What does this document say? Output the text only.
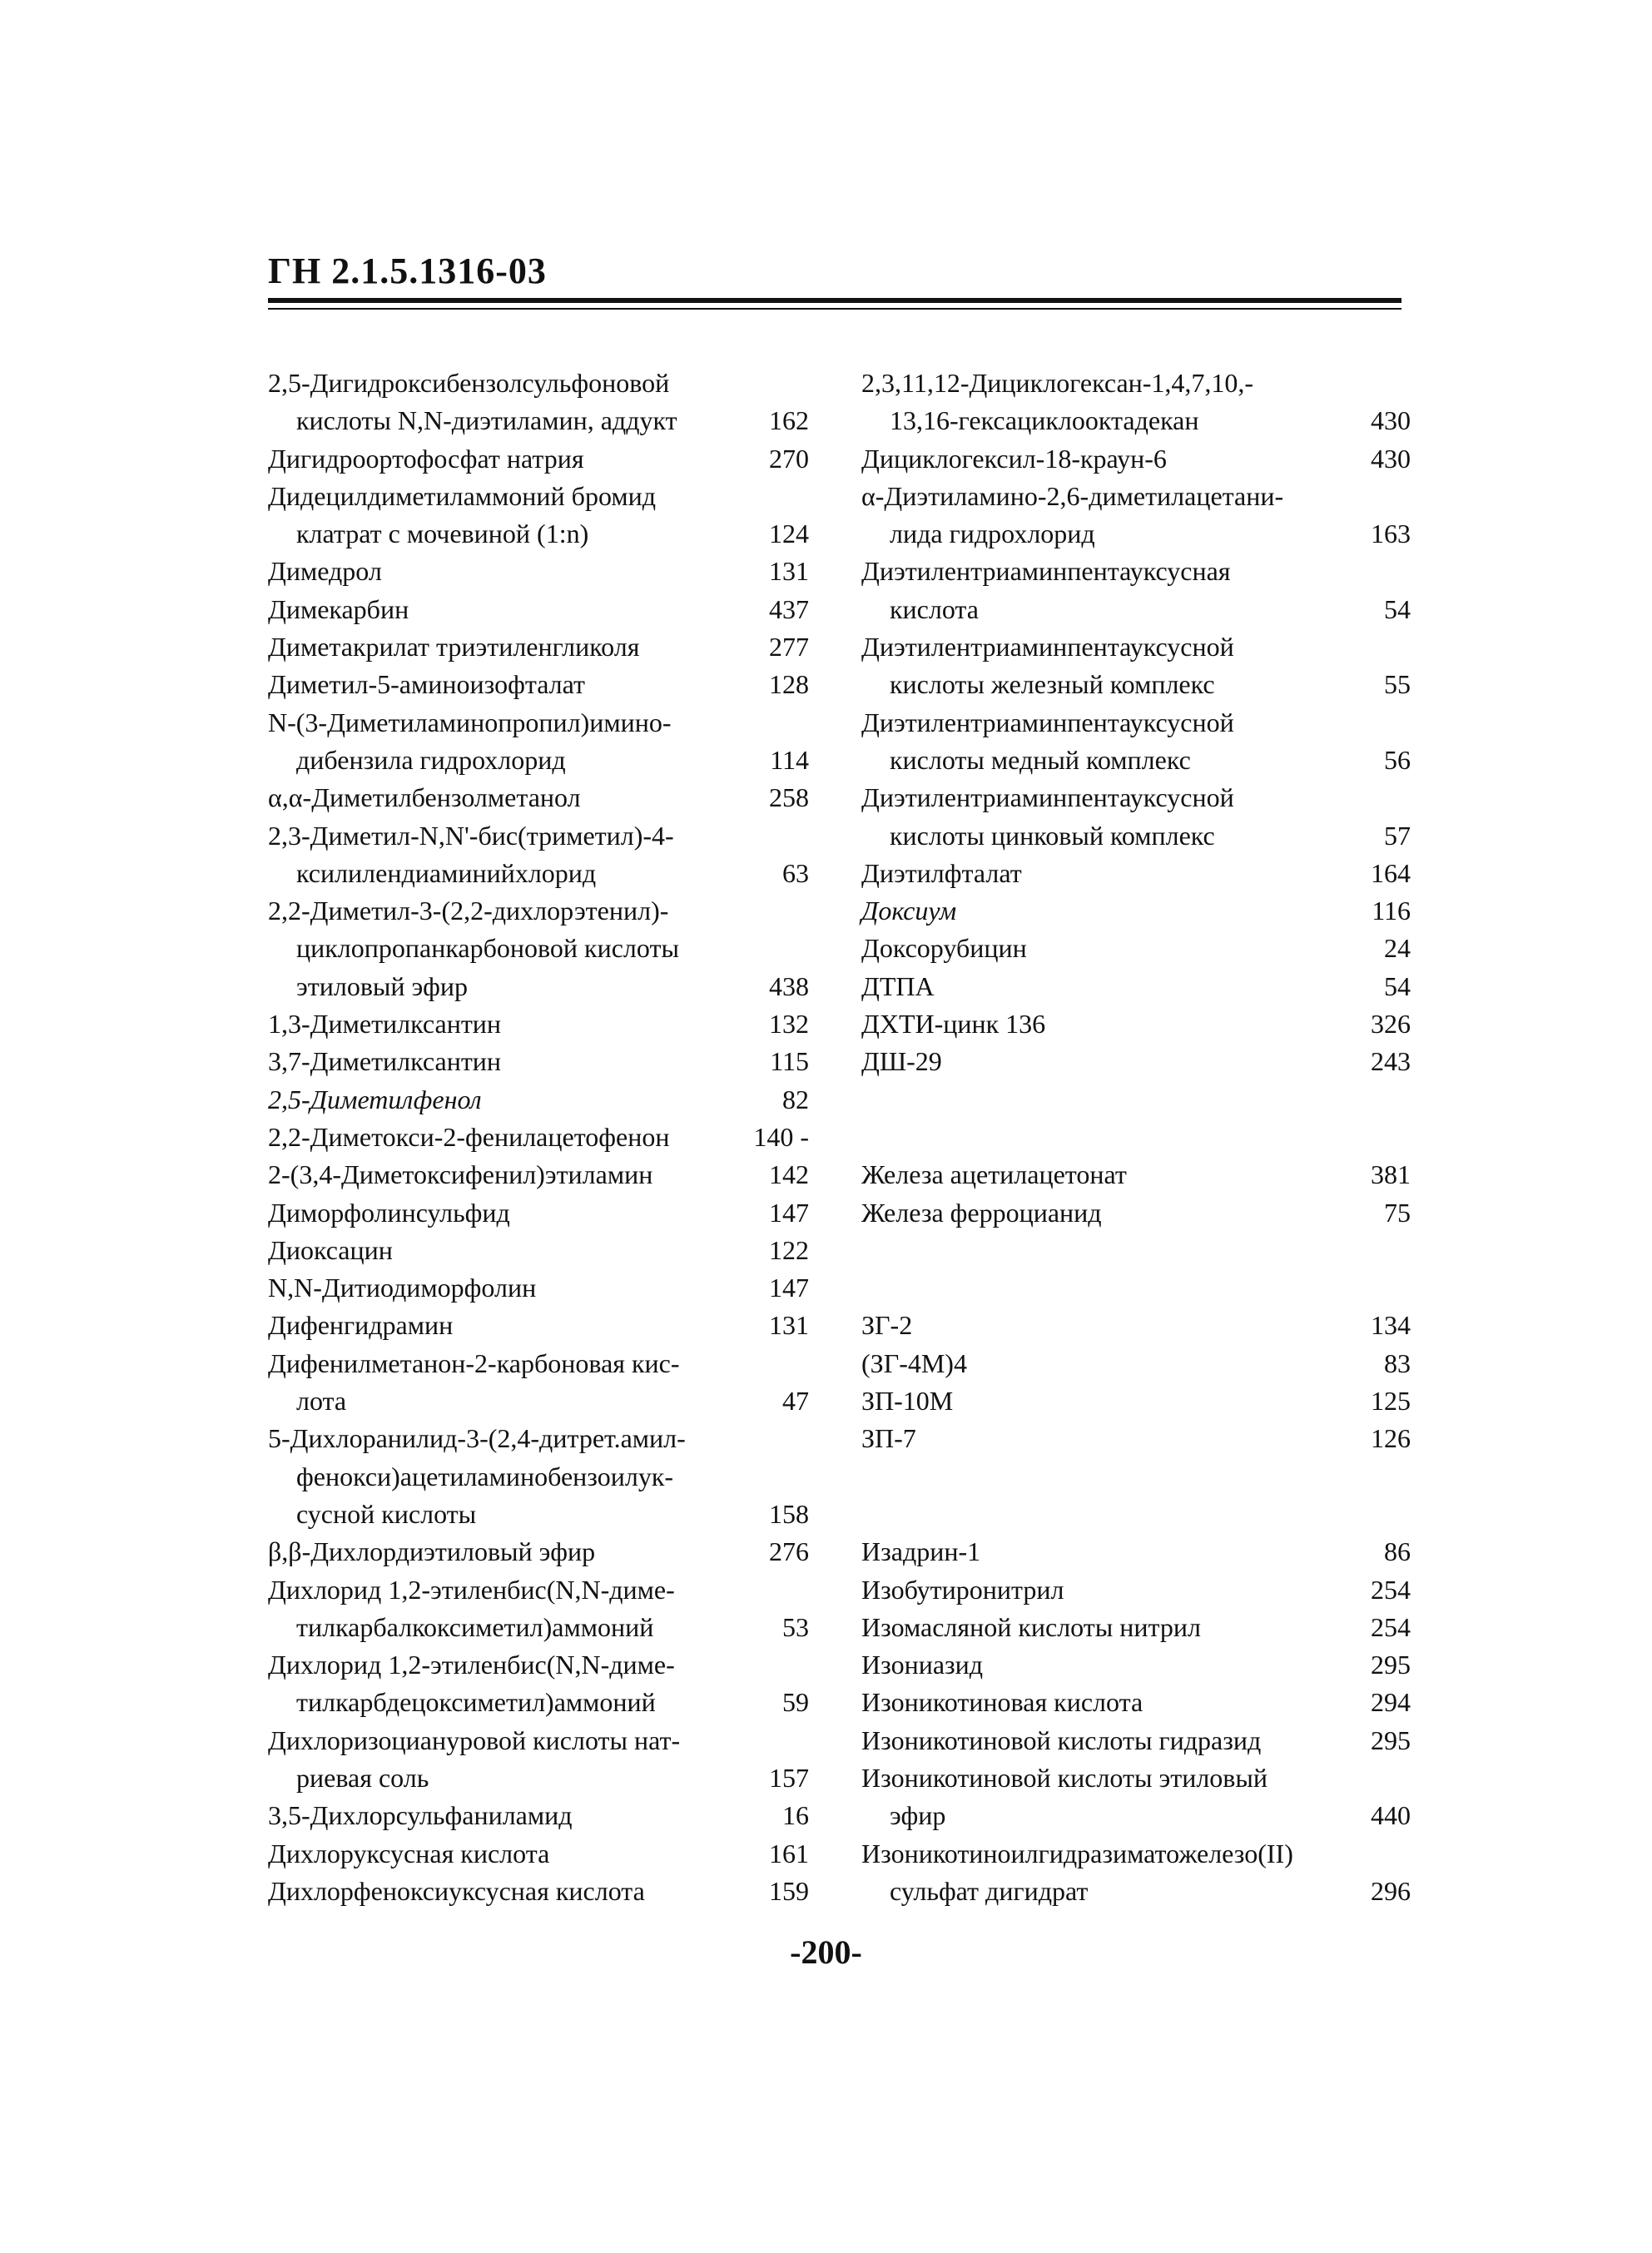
ГН 2.1.5.1316-03
2,5-Дигидроксибензолсульфоновой
кислоты N,N-диэтиламин, аддукт	162
Дигидроортофосфат натрия	270
Дидецилдиметиламмоний бромид
клатрат с мочевиной (1:n)	124
Димедрол	131
Димекарбин	437
Диметакрилат триэтиленгликоля	277
Диметил-5-аминоизофталат	128
N-(3-Диметиламинопропил)имино-
дибензила гидрохлорид	114
α,α-Диметилбензолметанол	258
2,3-Диметил-N,N'-бис(триметил)-4-
ксилилендиаминийхлорид	63
2,2-Диметил-3-(2,2-дихлорэтенил)-
циклопропанкарбоновой кислоты
этиловый эфир	438
1,3-Диметилксантин	132
3,7-Диметилксантин	115
2,5-Диметилфенол	82
2,2-Диметокси-2-фенилацетофенон	140 -
2-(3,4-Диметоксифенил)этиламин	142
Диморфолинсульфид	147
Диоксацин	122
N,N-Дитиодиморфолин	147
Дифенгидрамин	131
Дифенилметанон-2-карбоновая кис-
лота	47
5-Дихлоранилид-3-(2,4-дитрет.амил-
фенокси)ацетиламинобензоилук-
сусной кислоты	158
β,β-Дихлордиэтиловый эфир	276
Дихлорид 1,2-этиленбис(N,N-диме-
тилкарбалкоксиметил)аммоний	53
Дихлорид 1,2-этиленбис(N,N-диме-
тилкарбдецоксиметил)аммоний	59
Дихлоризоциануровой кислоты нат-
риевая соль	157
3,5-Дихлорсульфаниламид	16
Дихлоруксусная кислота	161
Дихлорфеноксиуксусная кислота	159
2,3,11,12-Дициклогексан-1,4,7,10,-
13,16-гексациклооктадекан	430
Дициклогексил-18-краун-6	430
α-Диэтиламино-2,6-диметилацетани-
лида гидрохлорид	163
Диэтилентриаминпентауксусная
кислота	54
Диэтилентриаминпентауксусной
кислоты железный комплекс	55
Диэтилентриаминпентауксусной
кислоты медный комплекс	56
Диэтилентриаминпентауксусной
кислоты цинковый комплекс	57
Диэтилфталат	164
Доксиум	116
Доксорубицин	24
ДТПА	54
ДХТИ-цинк 136	326
ДШ-29	243
Железа ацетилацетонат	381
Железа ферроцианид	75
ЗГ-2	134
(ЗГ-4М)4	83
ЗП-10М	125
ЗП-7	126
Изадрин-1	86
Изобутиронитрил	254
Изомасляной кислоты нитрил	254
Изониазид	295
Изоникотиновая кислота	294
Изоникотиновой кислоты гидразид	295
Изоникотиновой кислоты этиловый
эфир	440
Изоникотиноилгидразиматожелезо(II)
сульфат дигидрат	296
-200-
